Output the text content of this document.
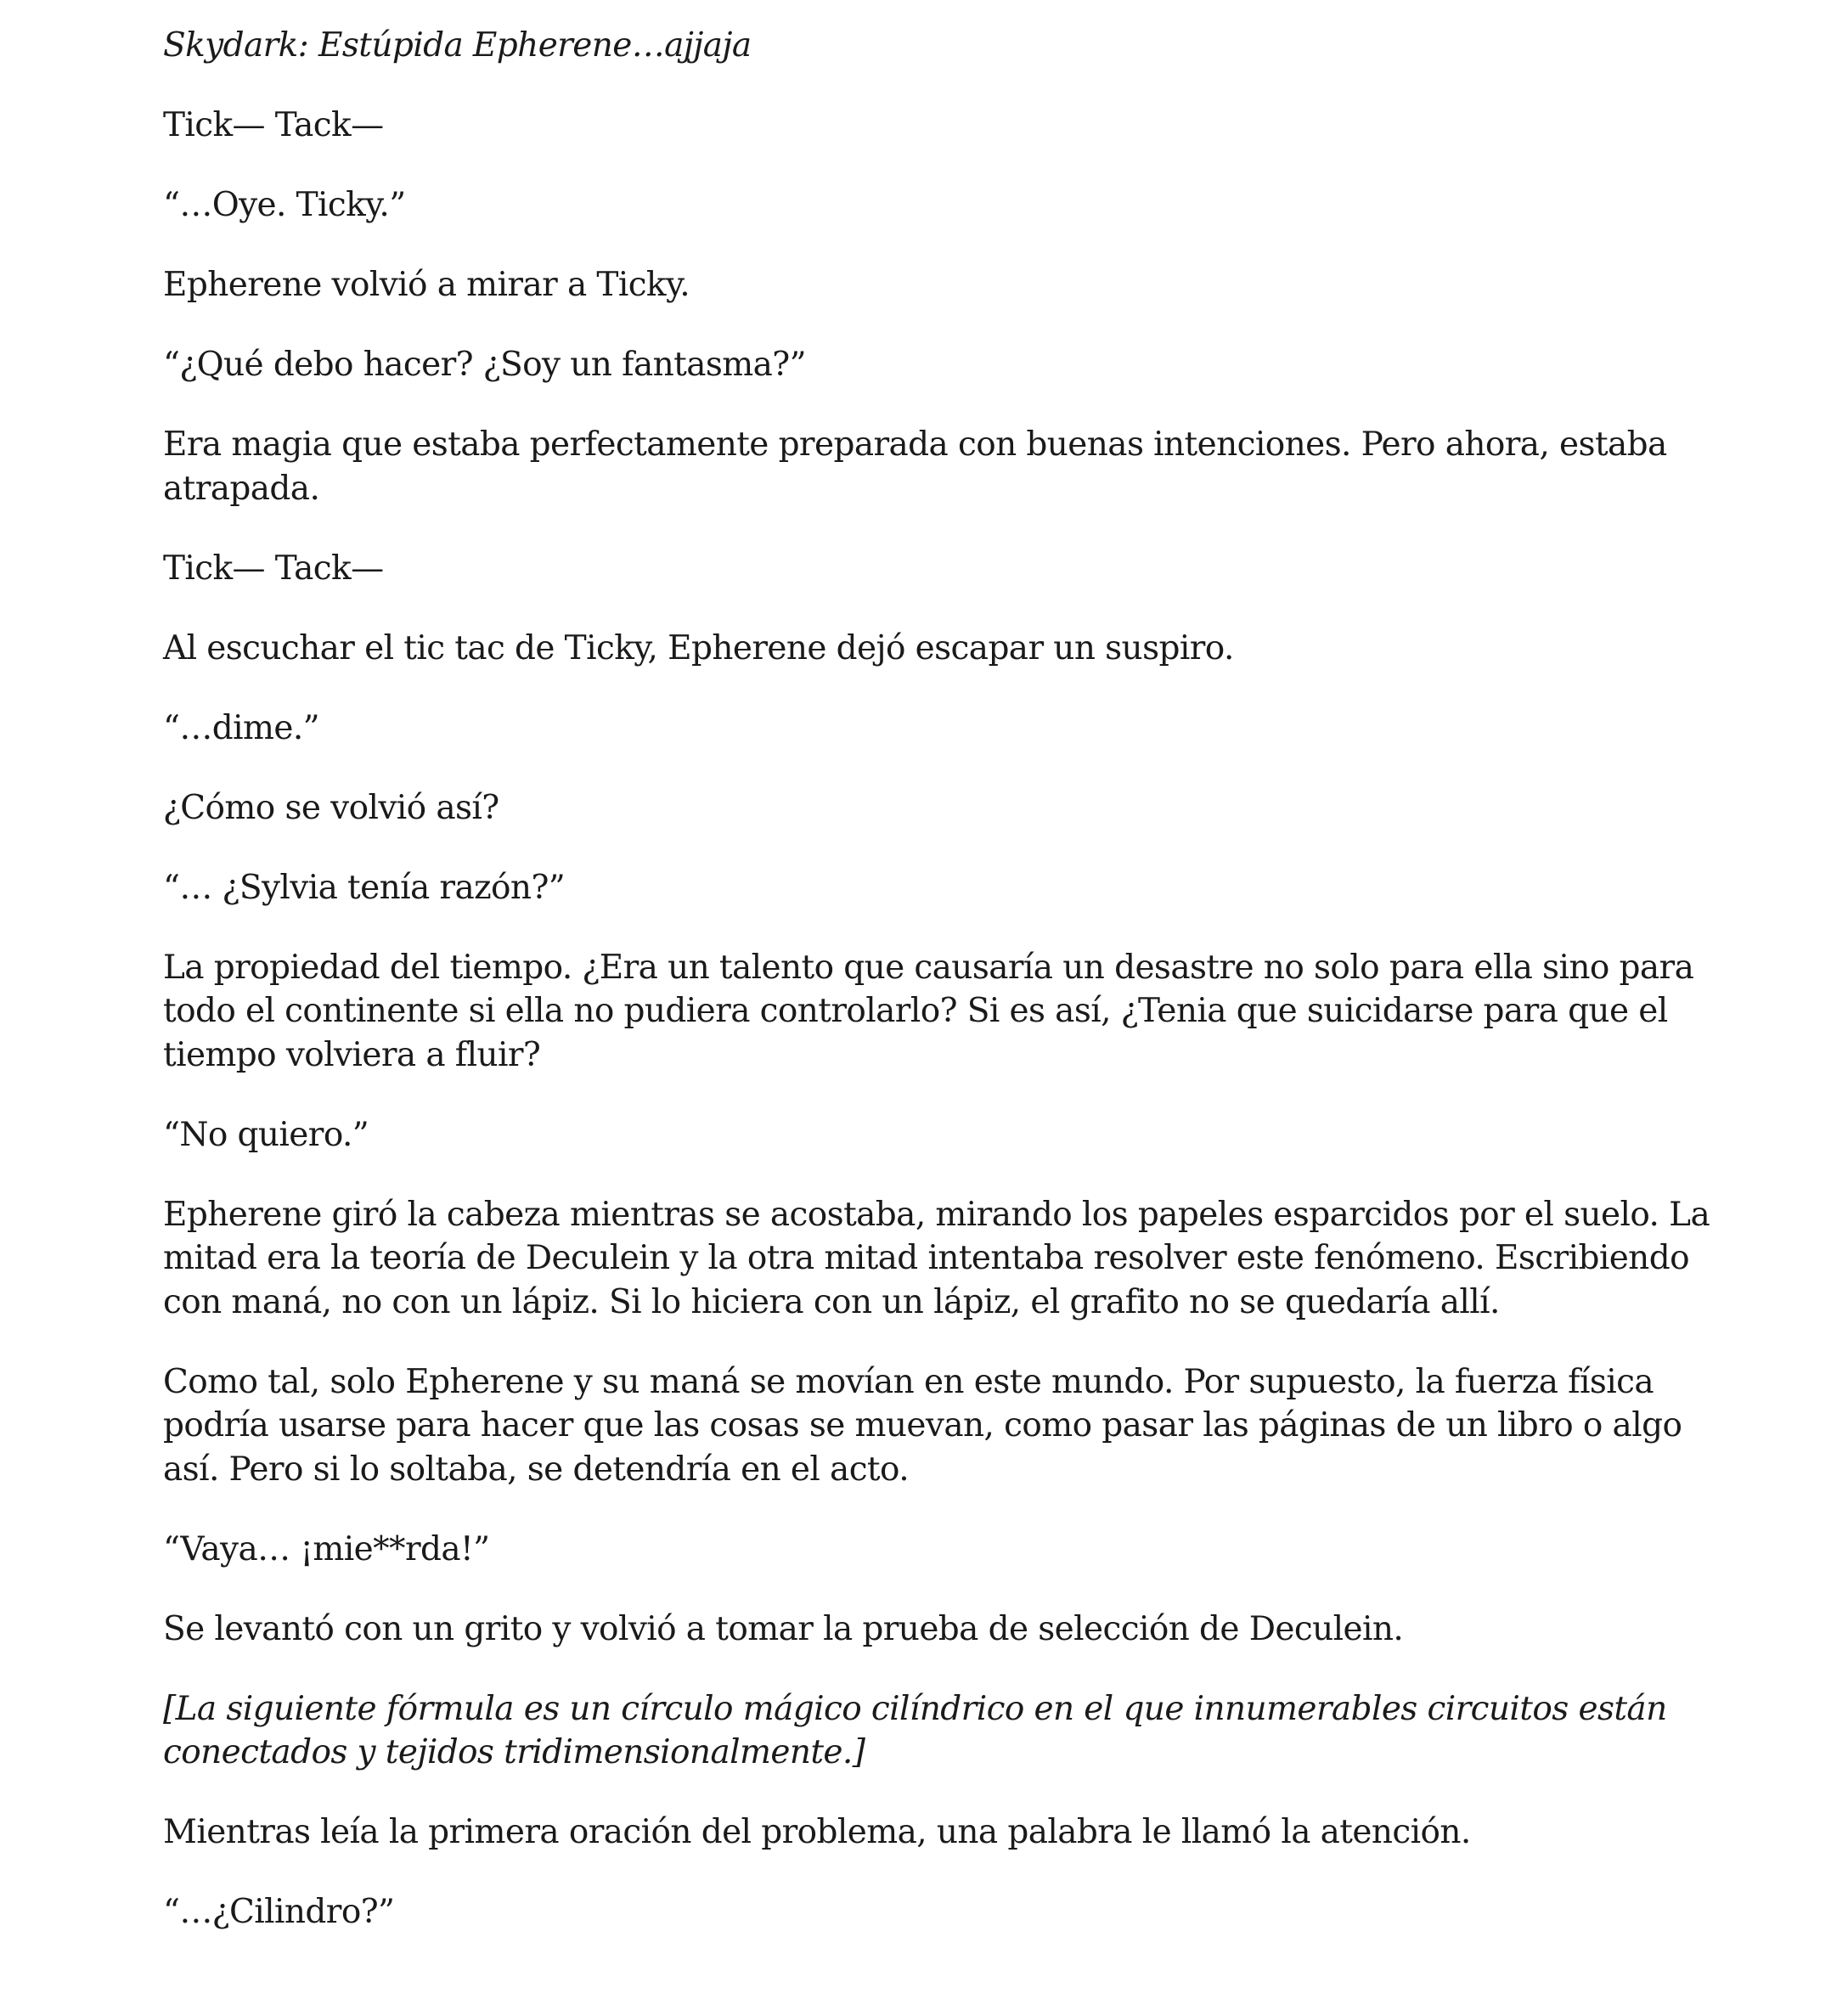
Skydark: Estúpida Epherene…ajjaja

Tick— Tack—

“…Oye. Ticky.”

Epherene volvió a mirar a Ticky.

“¿Qué debo hacer? ¿Soy un fantasma?”

Era magia que estaba perfectamente preparada con buenas intenciones. Pero ahora, estaba atrapada.

Tick— Tack—

Al escuchar el tic tac de Ticky, Epherene dejó escapar un suspiro.

“…dime.”

¿Cómo se volvió así?

“… ¿Sylvia tenía razón?”

La propiedad del tiempo. ¿Era un talento que causaría un desastre no solo para ella sino para todo el continente si ella no pudiera controlarlo? Si es así, ¿Tenia que suicidarse para que el tiempo volviera a fluir?

“No quiero.”

Epherene giró la cabeza mientras se acostaba, mirando los papeles esparcidos por el suelo. La mitad era la teoría de Deculein y la otra mitad intentaba resolver este fenómeno. Escribiendo con maná, no con un lápiz. Si lo hiciera con un lápiz, el grafito no se quedaría allí.

Como tal, solo Epherene y su maná se movían en este mundo. Por supuesto, la fuerza física podría usarse para hacer que las cosas se muevan, como pasar las páginas de un libro o algo así. Pero si lo soltaba, se detendría en el acto.

“Vaya… ¡mie**rda!”

Se levantó con un grito y volvió a tomar la prueba de selección de Deculein.

[La siguiente fórmula es un círculo mágico cilíndrico en el que innumerables circuitos están conectados y tejidos tridimensionalmente.]

Mientras leía la primera oración del problema, una palabra le llamó la atención.

“…¿Cilindro?”
